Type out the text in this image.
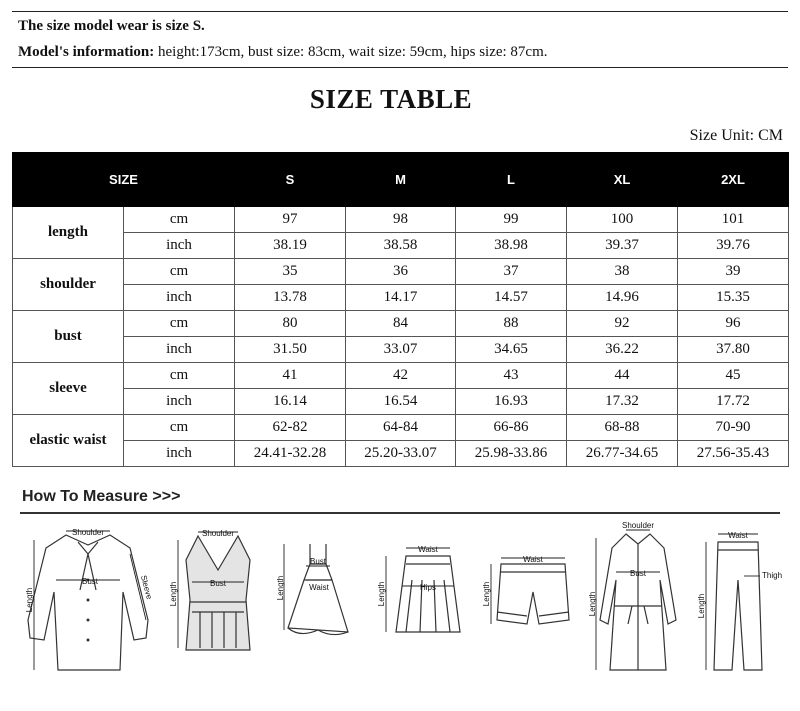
The size model wear is size S.
Model's information: height:173cm, bust size: 83cm, wait size: 59cm, hips size: 87cm.
SIZE TABLE
Size Unit: CM
SIZE		S	M	L	XL	2XL
length	cm	97	98	99	100	101
	inch	38.19	38.58	38.98	39.37	39.76
shoulder	cm	35	36	37	38	39
	inch	13.78	14.17	14.57	14.96	15.35
bust	cm	80	84	88	92	96
	inch	31.50	33.07	34.65	36.22	37.80
sleeve	cm	41	42	43	44	45
	inch	16.14	16.54	16.93	17.32	17.72
elastic waist	cm	62-82	64-84	66-86	68-88	70-90
	inch	24.41-32.28	25.20-33.07	25.98-33.86	26.77-34.65	27.56-35.43
How To Measure >>>
Shoulder
Bust
Length	Sleeve
Shoulder
Bust
Length
Bust
Waist
Length
Waist
Hips
Length
Waist
Length
Shoulder
Bust
Length
Waist
Thigh
Length
